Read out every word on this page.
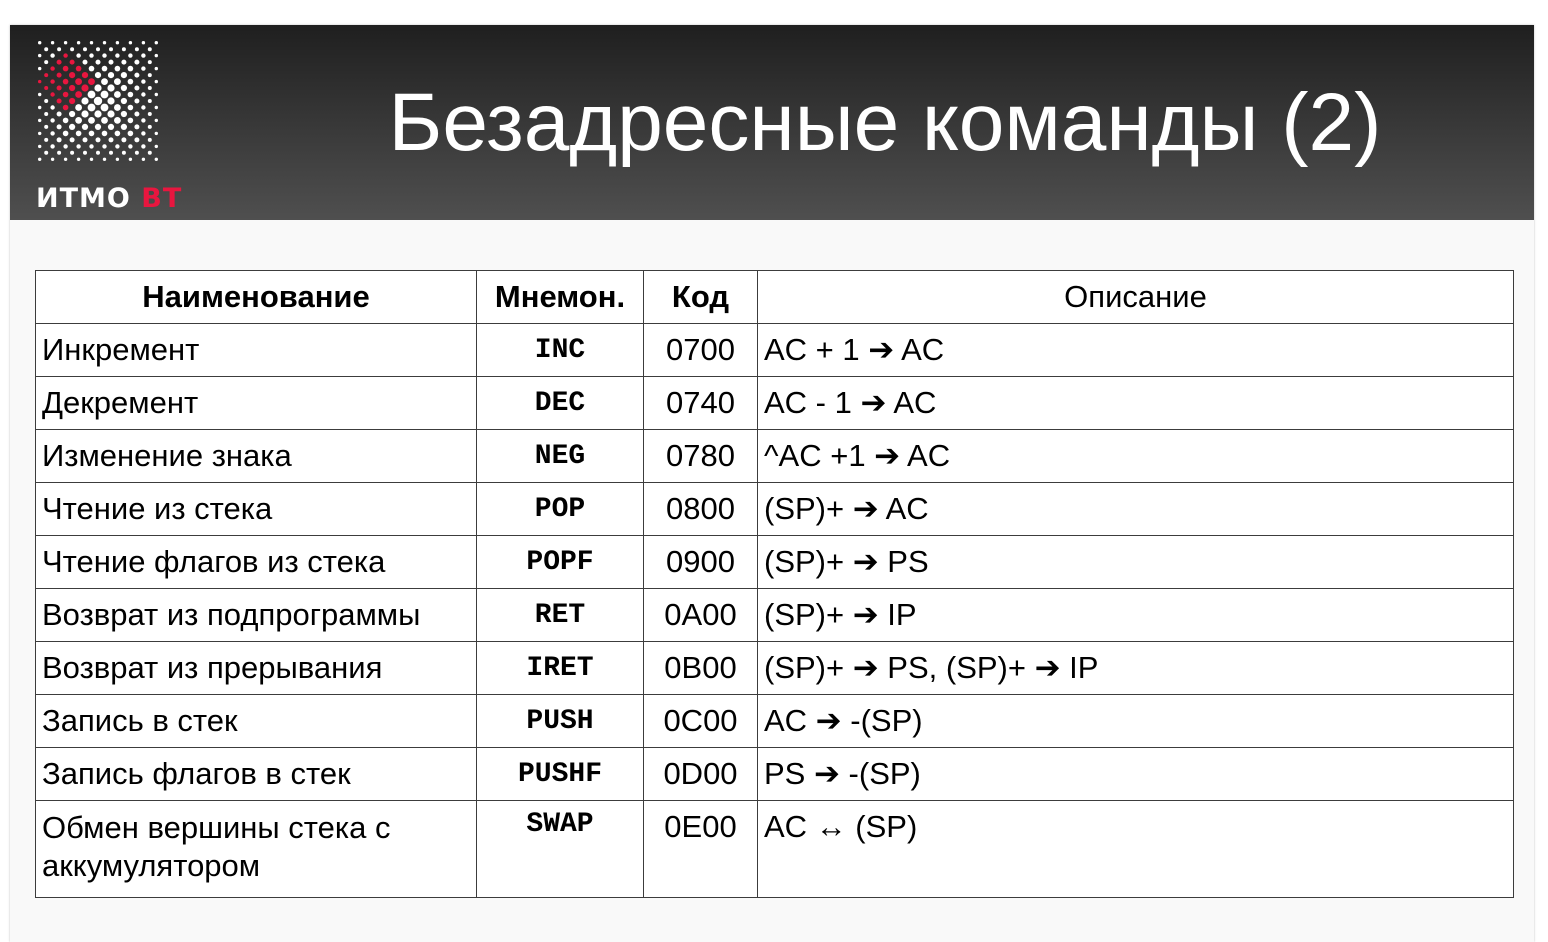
ИТМО ВТ
Безадресные команды (2)
Наименование	Мнемон.	Код	Описание
Инкремент	INC	0700	AC + 1 ➔ AC
Декремент	DEC	0740	AC - 1 ➔ AC
Изменение знака	NEG	0780	^AC +1 ➔ AC
Чтение из стека	POP	0800	(SP)+ ➔ AC
Чтение флагов из стека	POPF	0900	(SP)+ ➔ PS
Возврат из подпрограммы	RET	0A00	(SP)+ ➔ IP
Возврат из прерывания	IRET	0B00	(SP)+ ➔ PS, (SP)+ ➔ IP
Запись в стек	PUSH	0C00	AC ➔ -(SP)
Запись флагов в стек	PUSHF	0D00	PS ➔ -(SP)
Обмен вершины стека с аккумулятором	SWAP	0E00	AC ↔ (SP)
